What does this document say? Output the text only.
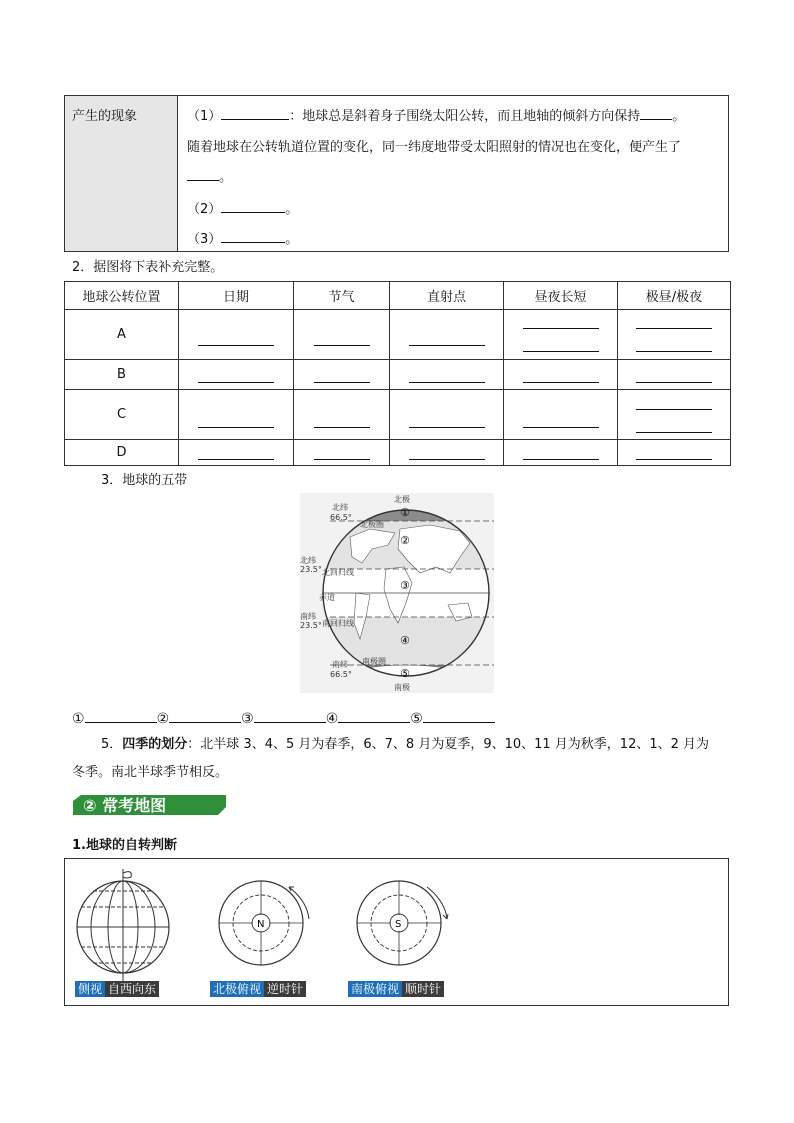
产生的现象	（1）	：地球总是斜着身子围绕太阳公转，而且地轴的倾斜方向保持 。
随着地球在公转轨道位置的变化，同一纬度地带受太阳照射的情况也在变化，便产生了
。
（2）	。
（3）	。
2．据图将下表补充完整。
地球公转位置	日期	节气	直射点	昼夜长短	极昼/极夜
A	

B	

C	

D	

3．地球的五带
北极
南极
北纬
66.5°
北纬
23.5°
南纬
23.5°
南纬
66.5°
北极圈
北回归线
赤道
南回归线
南极圈
①
②
③
④
⑤
①	②	③	④	⑤
5．四季的划分：北半球 3、4、5 月为春季，6、7、8 月为夏季，9、10、11 月为秋季，12、1、2 月为
冬季。南北半球季节相反。
② 常考地图
1.地球的自转判断
侧视 自西向东
N
北极俯视 逆时针
S
南极俯视 顺时针
